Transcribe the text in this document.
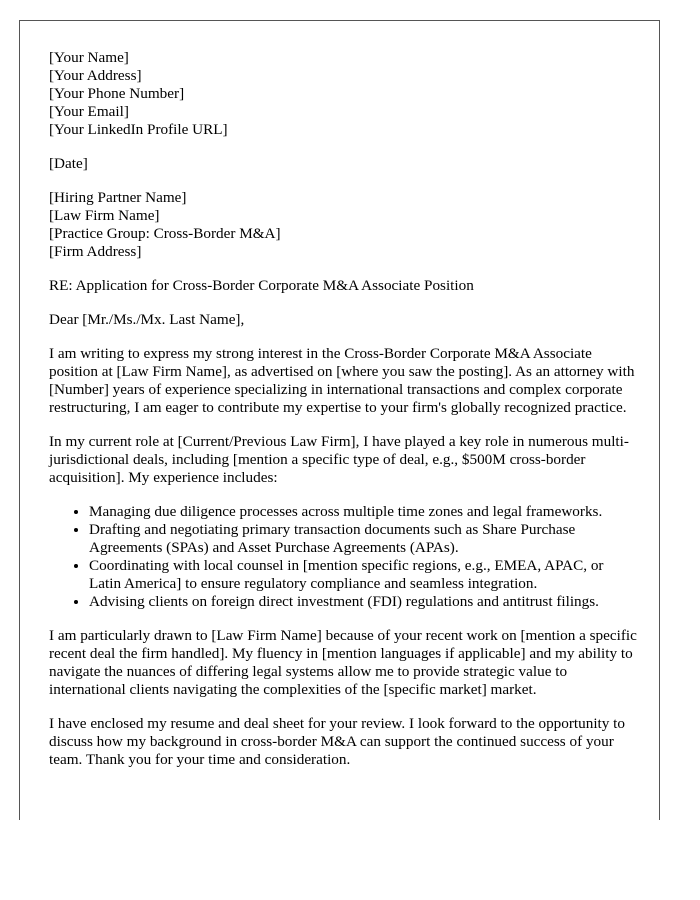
[Your Name]
[Your Address]
[Your Phone Number]
[Your Email]
[Your LinkedIn Profile URL]

[Date]

[Hiring Partner Name]
[Law Firm Name]
[Practice Group: Cross-Border M&A]
[Firm Address]

RE: Application for Cross-Border Corporate M&A Associate Position

Dear [Mr./Ms./Mx. Last Name],

I am writing to express my strong interest in the Cross-Border Corporate M&A Associate position at [Law Firm Name], as advertised on [where you saw the posting]. As an attorney with [Number] years of experience specializing in international transactions and complex corporate restructuring, I am eager to contribute my expertise to your firm's globally recognized practice.

In my current role at [Current/Previous Law Firm], I have played a key role in numerous multi-jurisdictional deals, including [mention a specific type of deal, e.g., $500M cross-border acquisition]. My experience includes:

• Managing due diligence processes across multiple time zones and legal frameworks.
• Drafting and negotiating primary transaction documents such as Share Purchase Agreements (SPAs) and Asset Purchase Agreements (APAs).
• Coordinating with local counsel in [mention specific regions, e.g., EMEA, APAC, or Latin America] to ensure regulatory compliance and seamless integration.
• Advising clients on foreign direct investment (FDI) regulations and antitrust filings.

I am particularly drawn to [Law Firm Name] because of your recent work on [mention a specific recent deal the firm handled]. My fluency in [mention languages if applicable] and my ability to navigate the nuances of differing legal systems allow me to provide strategic value to international clients navigating the complexities of the [specific market] market.

I have enclosed my resume and deal sheet for your review. I look forward to the opportunity to discuss how my background in cross-border M&A can support the continued success of your team. Thank you for your time and consideration.
